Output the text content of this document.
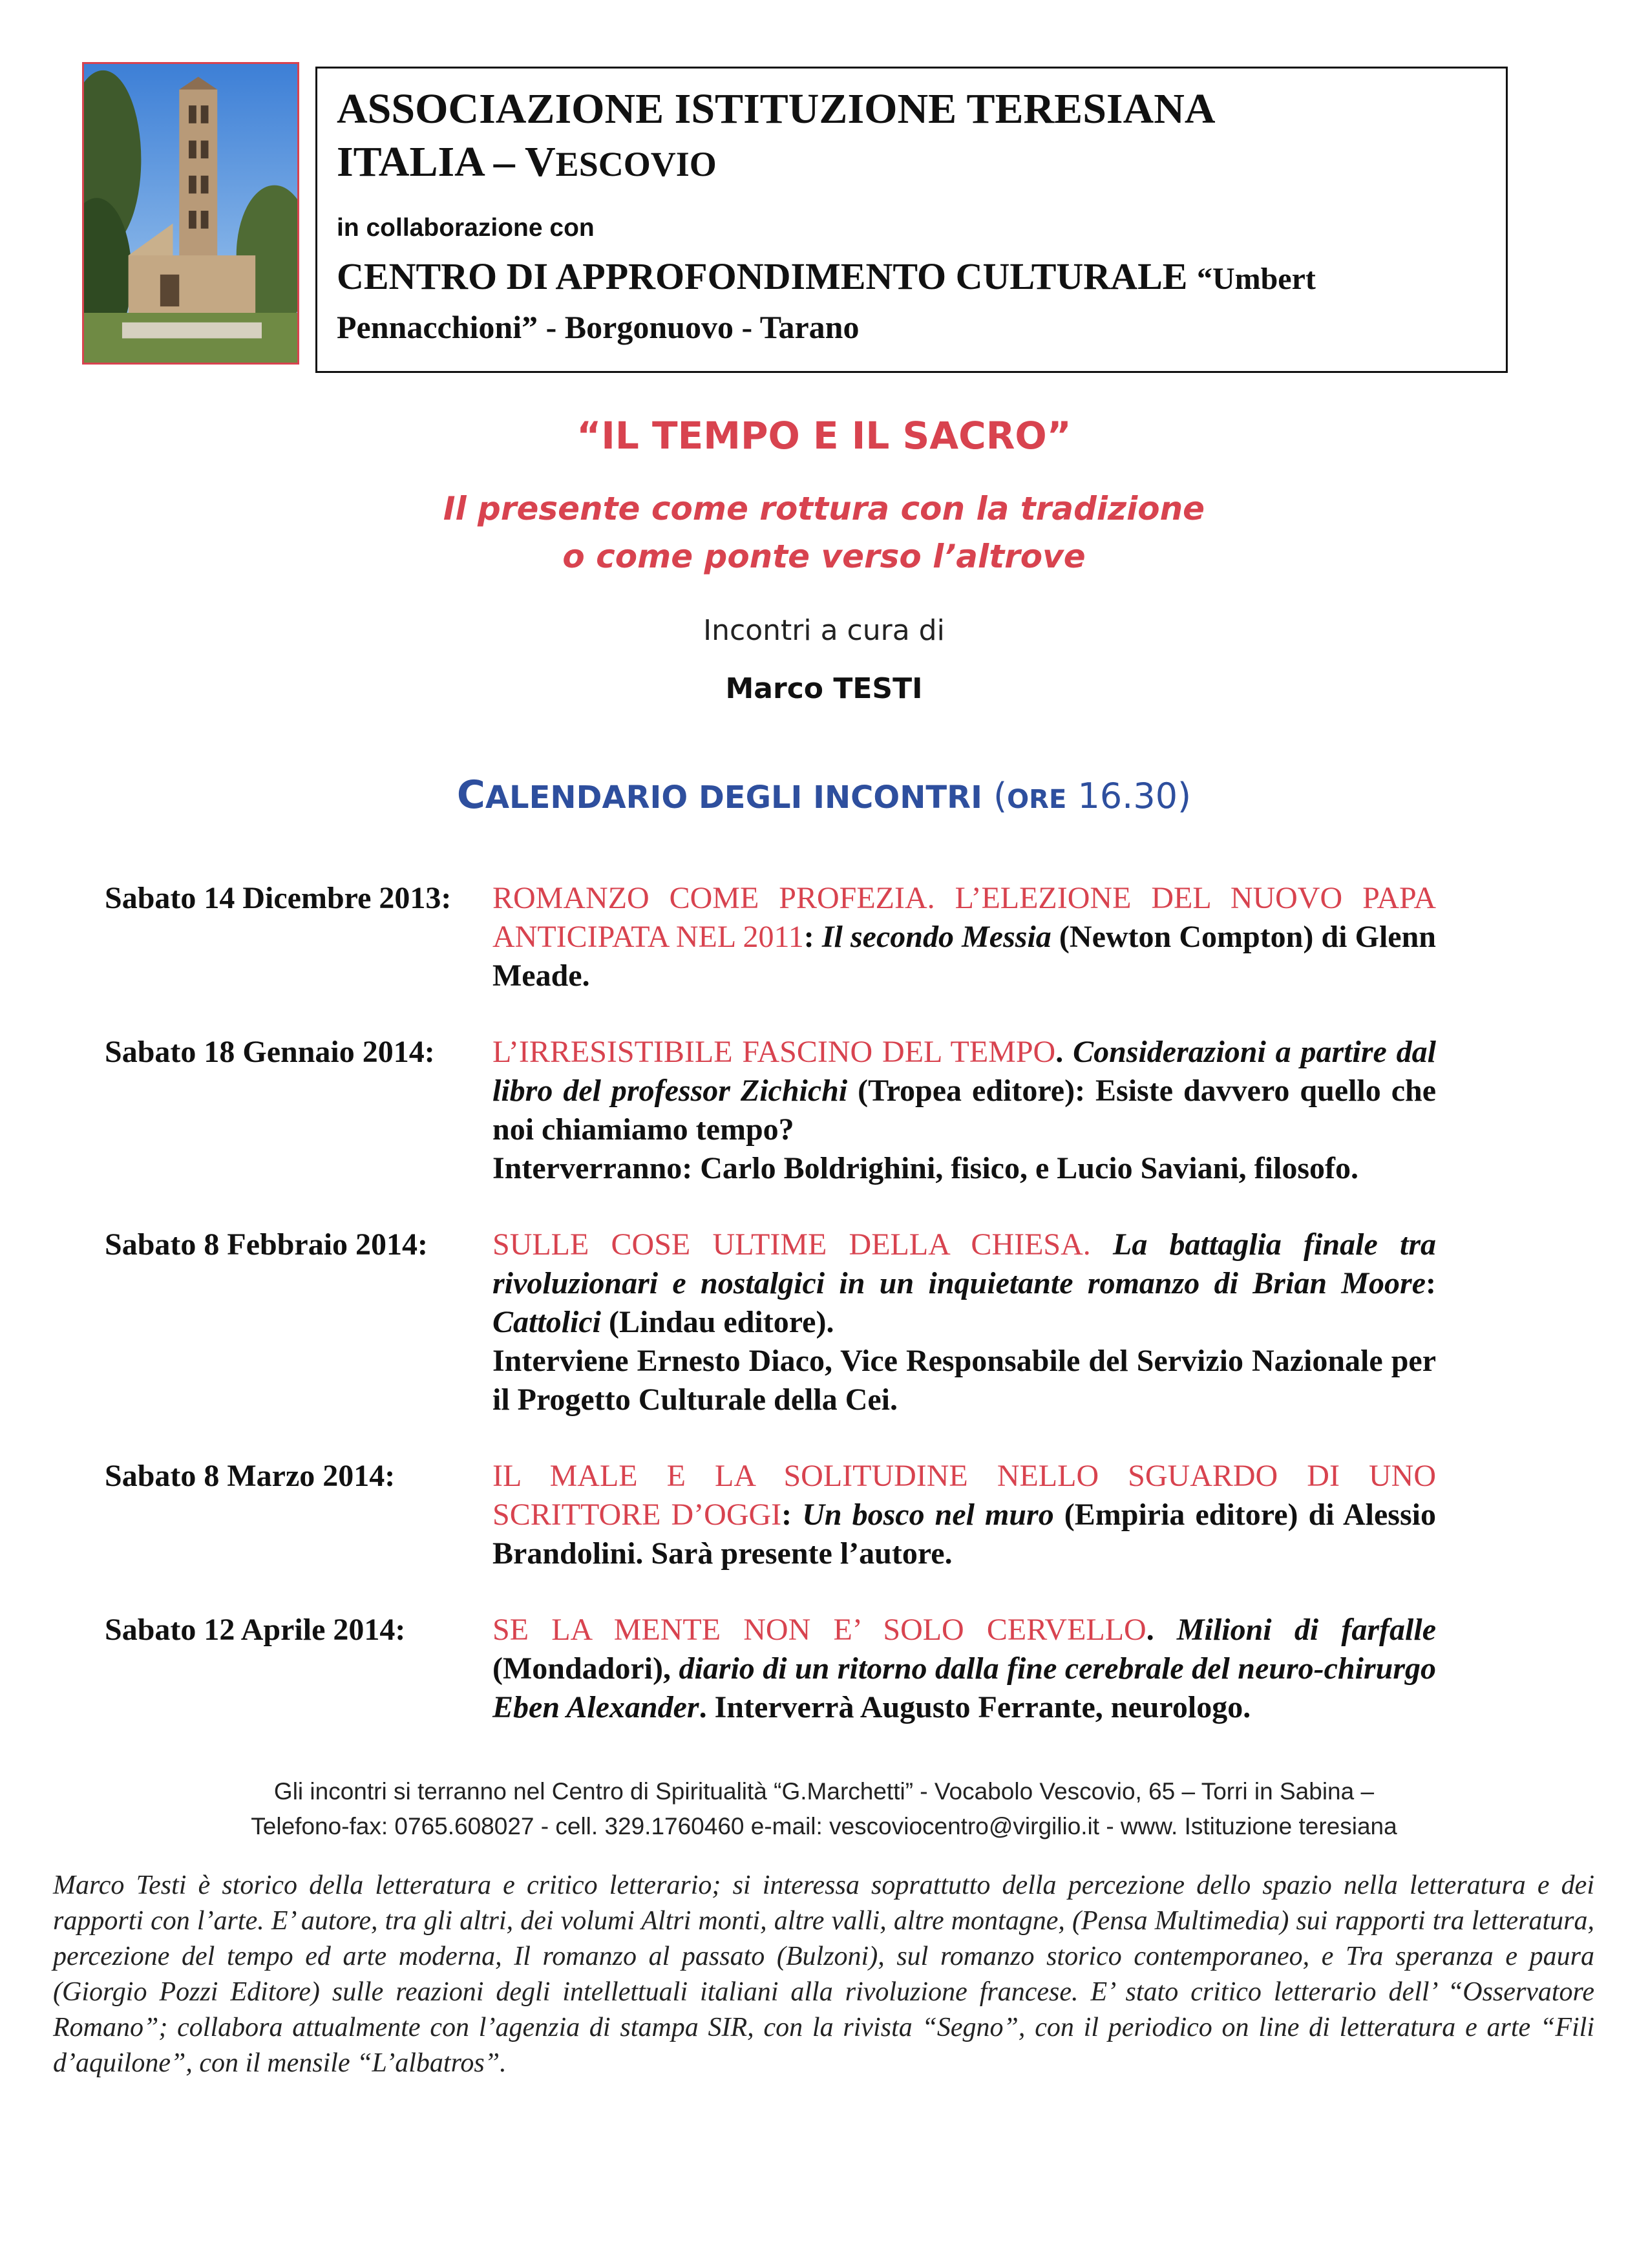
ASSOCIAZIONE ISTITUZIONE TERESIANA

ITALIA – VESCOVIO

in collaborazione con

CENTRO DI APPROFONDIMENTO CULTURALE “Umbert

Pennacchioni” - Borgonuovo - Tarano

“IL TEMPO E IL SACRO”
Il presente come rottura con la tradizione
o come ponte verso l’altrove
Incontri a cura di
Marco TESTI
CALENDARIO DEGLI INCONTRI (ORE 16.30)
Sabato 14 Dicembre 2013:	ROMANZO COME PROFEZIA. L’ELEZIONE DEL NUOVO PAPA ANTICIPATA NEL 2011: Il secondo Messia (Newton Compton) di Glenn Meade.
Sabato 18 Gennaio 2014:	L’IRRESISTIBILE FASCINO DEL TEMPO. Considerazioni a partire dal libro del professor Zichichi (Tropea editore): Esiste davvero quello che noi chiamiamo tempo?
Interverranno: Carlo Boldrighini, fisico, e Lucio Saviani, filosofo.
Sabato 8 Febbraio 2014:	SULLE COSE ULTIME DELLA CHIESA. La battaglia finale tra rivoluzionari e nostalgici in un inquietante romanzo di Brian Moore: Cattolici (Lindau editore).
Interviene Ernesto Diaco, Vice Responsabile del Servizio Nazionale per il Progetto Culturale della Cei.
Sabato 8 Marzo 2014:	IL MALE E LA SOLITUDINE NELLO SGUARDO DI UNO SCRITTORE D’OGGI: Un bosco nel muro (Empiria editore) di Alessio Brandolini. Sarà presente l’autore.
Sabato 12 Aprile 2014:	SE LA MENTE NON E’ SOLO CERVELLO. Milioni di farfalle (Mondadori), diario di un ritorno dalla fine cerebrale del neuro-chirurgo Eben Alexander. Interverrà Augusto Ferrante, neurologo.
Gli incontri si terranno nel Centro di Spiritualità “G.Marchetti” - Vocabolo Vescovio, 65 – Torri in Sabina –
Telefono-fax: 0765.608027 - cell. 329.1760460 e-mail: vescoviocentro@virgilio.it - www. Istituzione teresiana
Marco Testi è storico della letteratura e critico letterario; si interessa soprattutto della percezione dello spazio nella letteratura e dei rapporti con l’arte. E’ autore, tra gli altri, dei volumi Altri monti, altre valli, altre montagne, (Pensa Multimedia) sui rapporti tra letteratura, percezione del tempo ed arte moderna, Il romanzo al passato (Bulzoni), sul romanzo storico contemporaneo, e Tra speranza e paura (Giorgio Pozzi Editore) sulle reazioni degli intellettuali italiani alla rivoluzione francese. E’ stato critico letterario dell’ “Osservatore Romano”; collabora attualmente con l’agenzia di stampa SIR, con la rivista “Segno”, con il periodico on line di letteratura e arte “Fili d’aquilone”, con il mensile “L’albatros”.
